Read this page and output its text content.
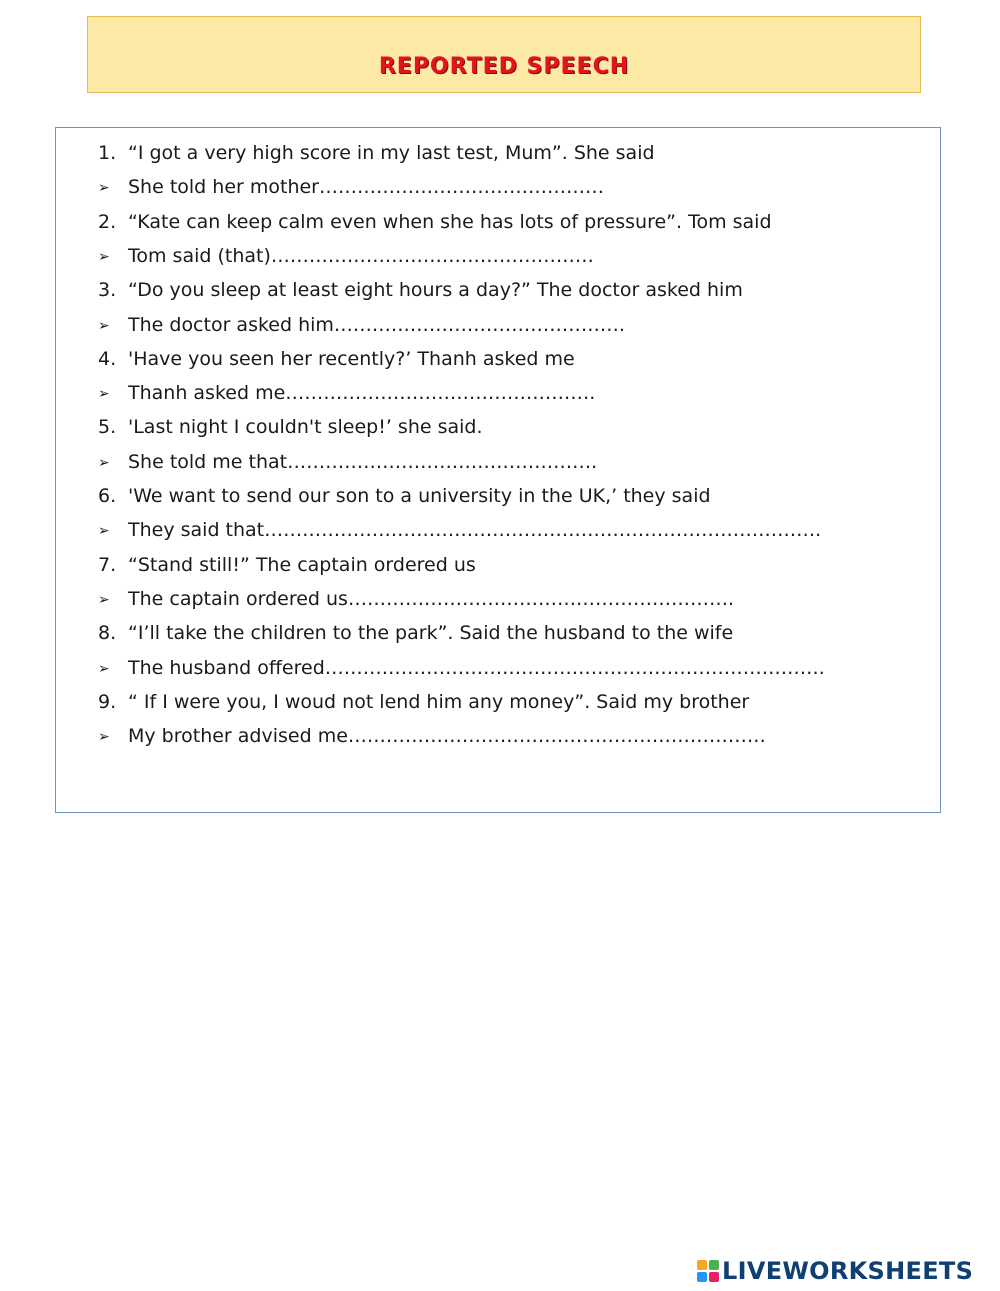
REPORTED SPEECH
1. “I got a very high score in my last test, Mum”. She said
➢ She told her mother………………………………………
2. “Kate can keep calm even when she has lots of pressure”. Tom said
➢ Tom said (that)……………………………………………
3. “Do you sleep at least eight hours a day?” The doctor asked him
➢ The doctor asked him……………………………………….
4. 'Have you seen her recently?’ Thanh asked me
➢ Thanh asked me………………………………………….
5. 'Last night I couldn't sleep!’ she said.
➢ She told me that………………………………………….
6. 'We want to send our son to a university in the UK,’ they said
➢ They said that…………………………………………………………………………….
7. “Stand still!” The captain ordered us
➢ The captain ordered us…………………………………………………….
8. “I’ll take the children to the park”. Said the husband to the wife
➢ The husband offered…………………………………………………………………….
9. “ If I were you, I woud not lend him any money”. Said my brother
➢ My brother advised me…………………………………………………………
LIVEWORKSHEETS
